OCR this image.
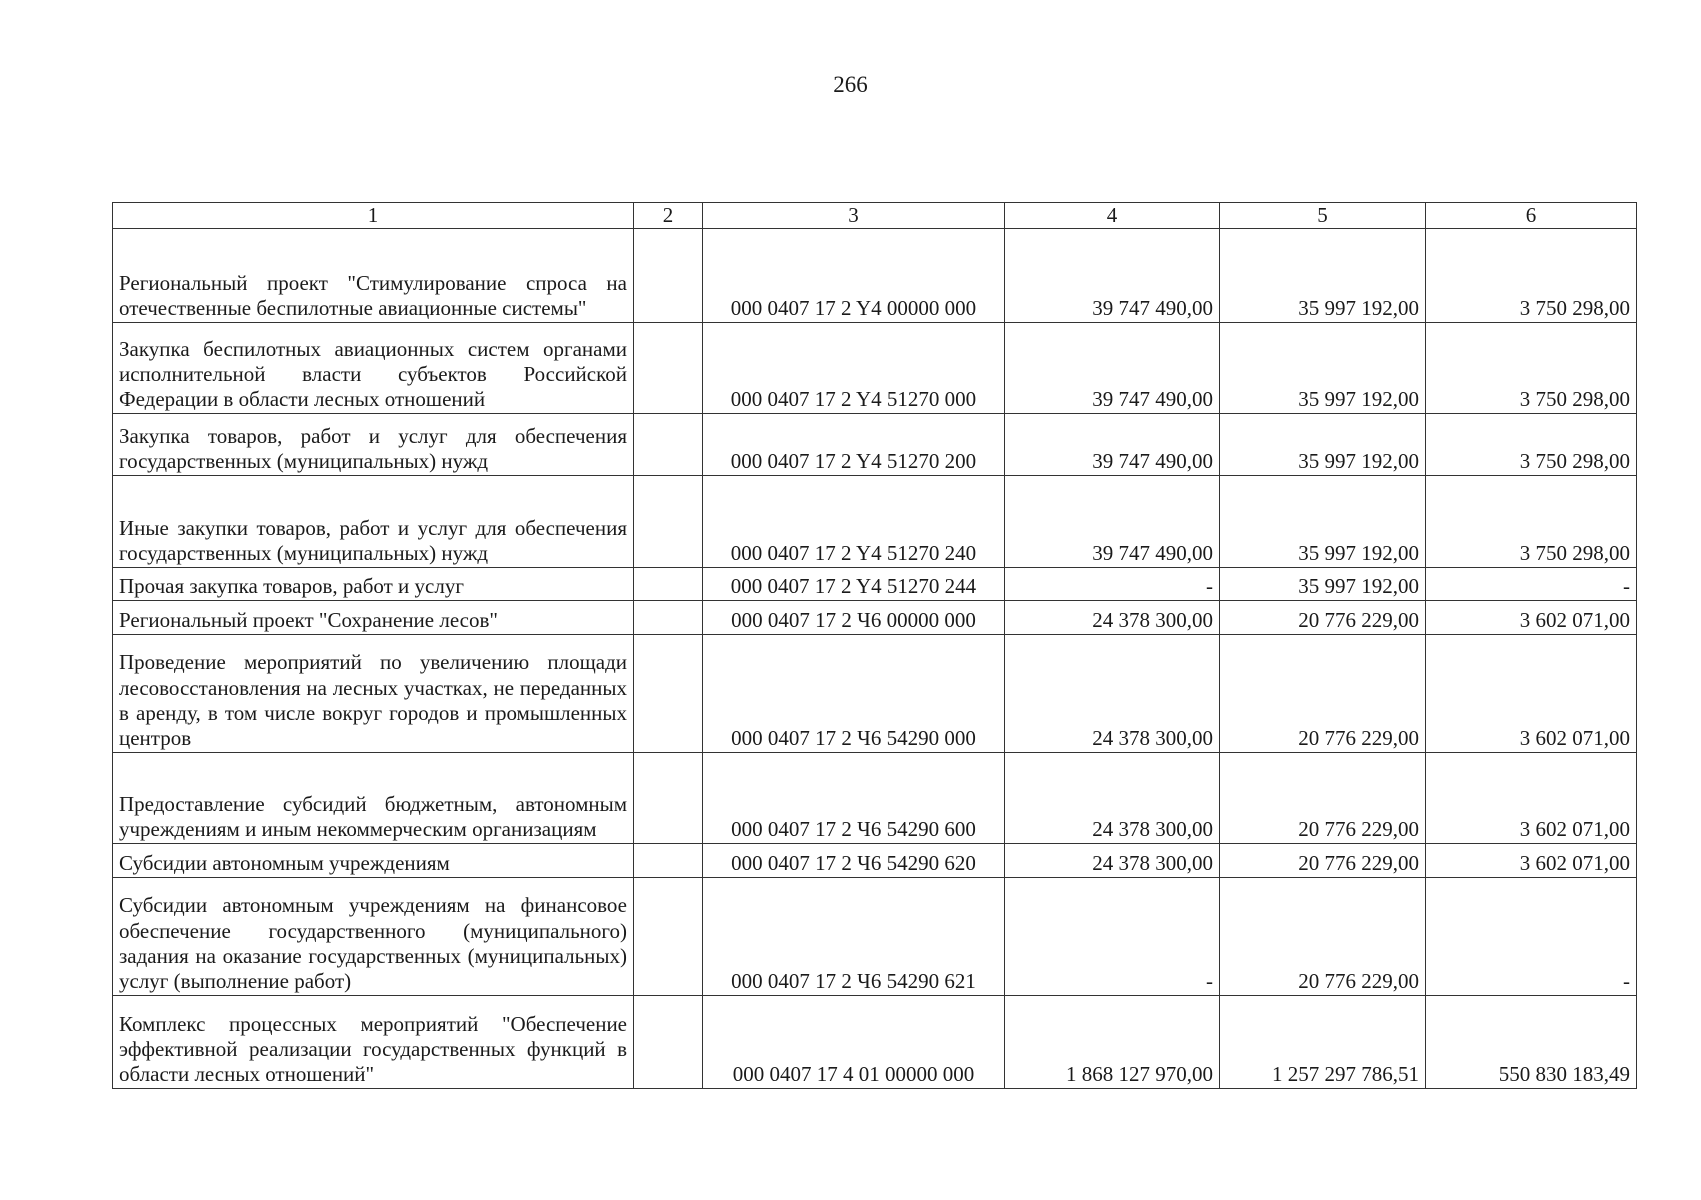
266
1	2	3	4	5	6
Региональный проект "Стимулирование спроса на отечественные беспилотные авиационные системы"		000 0407 17 2 Y4 00000 000	39 747 490,00	35 997 192,00	3 750 298,00
Закупка беспилотных авиационных систем органами исполнительной власти субъектов Российской Федерации в области лесных отношений		000 0407 17 2 Y4 51270 000	39 747 490,00	35 997 192,00	3 750 298,00
Закупка товаров, работ и услуг для обеспечения государственных (муниципальных) нужд		000 0407 17 2 Y4 51270 200	39 747 490,00	35 997 192,00	3 750 298,00
Иные закупки товаров, работ и услуг для обеспечения государственных (муниципальных) нужд		000 0407 17 2 Y4 51270 240	39 747 490,00	35 997 192,00	3 750 298,00
Прочая закупка товаров, работ и услуг		000 0407 17 2 Y4 51270 244	-	35 997 192,00	-
Региональный проект "Сохранение лесов"		000 0407 17 2 Ч6 00000 000	24 378 300,00	20 776 229,00	3 602 071,00
Проведение мероприятий по увеличению площади лесовосстановления на лесных участках, не переданных в аренду, в том числе вокруг городов и промышленных центров		000 0407 17 2 Ч6 54290 000	24 378 300,00	20 776 229,00	3 602 071,00
Предоставление субсидий бюджетным, автономным учреждениям и иным некоммерческим организациям		000 0407 17 2 Ч6 54290 600	24 378 300,00	20 776 229,00	3 602 071,00
Субсидии автономным учреждениям		000 0407 17 2 Ч6 54290 620	24 378 300,00	20 776 229,00	3 602 071,00
Субсидии автономным учреждениям на финансовое обеспечение государственного (муниципального) задания на оказание государственных (муниципальных) услуг (выполнение работ)		000 0407 17 2 Ч6 54290 621	-	20 776 229,00	-
Комплекс процессных мероприятий "Обеспечение эффективной реализации государственных функций в области лесных отношений"		000 0407 17 4 01 00000 000	1 868 127 970,00	1 257 297 786,51	550 830 183,49
